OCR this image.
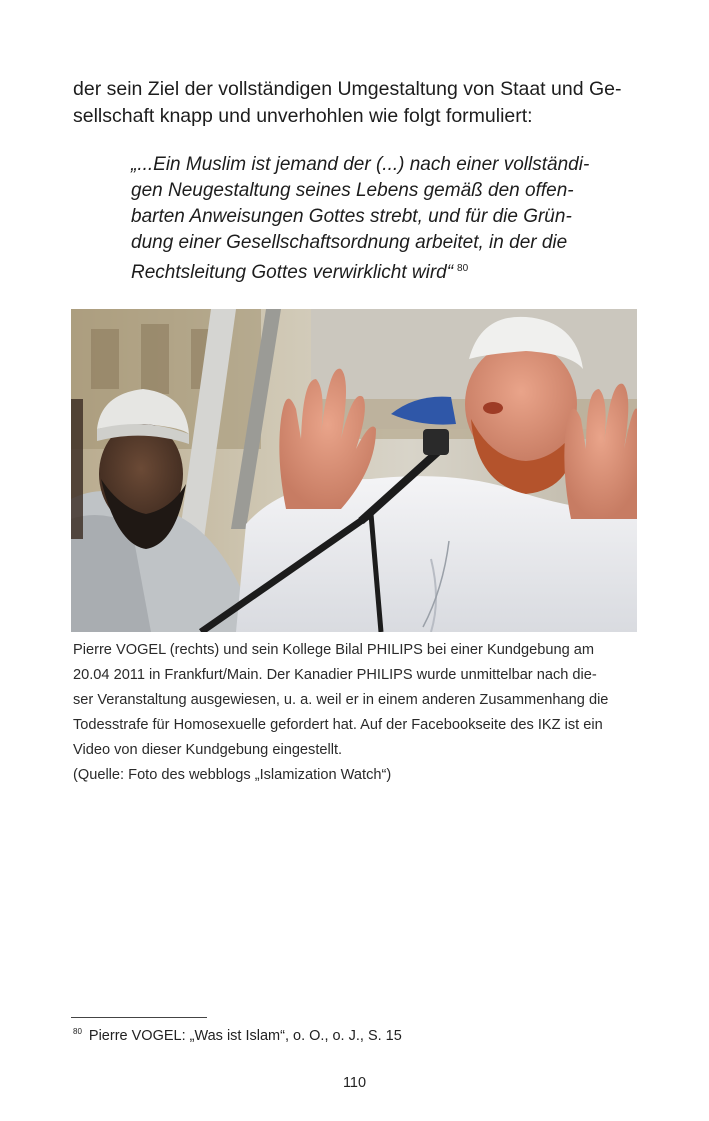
der sein Ziel der vollständigen Umgestaltung von Staat und Ge-
sellschaft knapp und unverhohlen wie folgt formuliert:
„...Ein Muslim ist jemand der (...) nach einer vollständi-
gen Neugestaltung seines Lebens gemäß den offen-
barten Anweisungen Gottes strebt, und für die Grün-
dung einer Gesellschaftsordnung arbeitet, in der die
Rechtsleitung Gottes verwirklicht wird“ $^{80}$
Pierre VOGEL (rechts) und sein Kollege Bilal PHILIPS bei einer Kundgebung am
20.04 2011 in Frankfurt/Main. Der Kanadier PHILIPS wurde unmittelbar nach die-
ser Veranstaltung ausgewiesen, u. a. weil er in einem anderen Zusammenhang die
Todesstrafe für Homosexuelle gefordert hat. Auf der Facebookseite des IKZ ist ein
Video von dieser Kundgebung eingestellt.
(Quelle: Foto des webblogs „Islamization Watch“)
$^{80}$ Pierre VOGEL: „Was ist Islam“, o. O., o. J., S. 15
110
